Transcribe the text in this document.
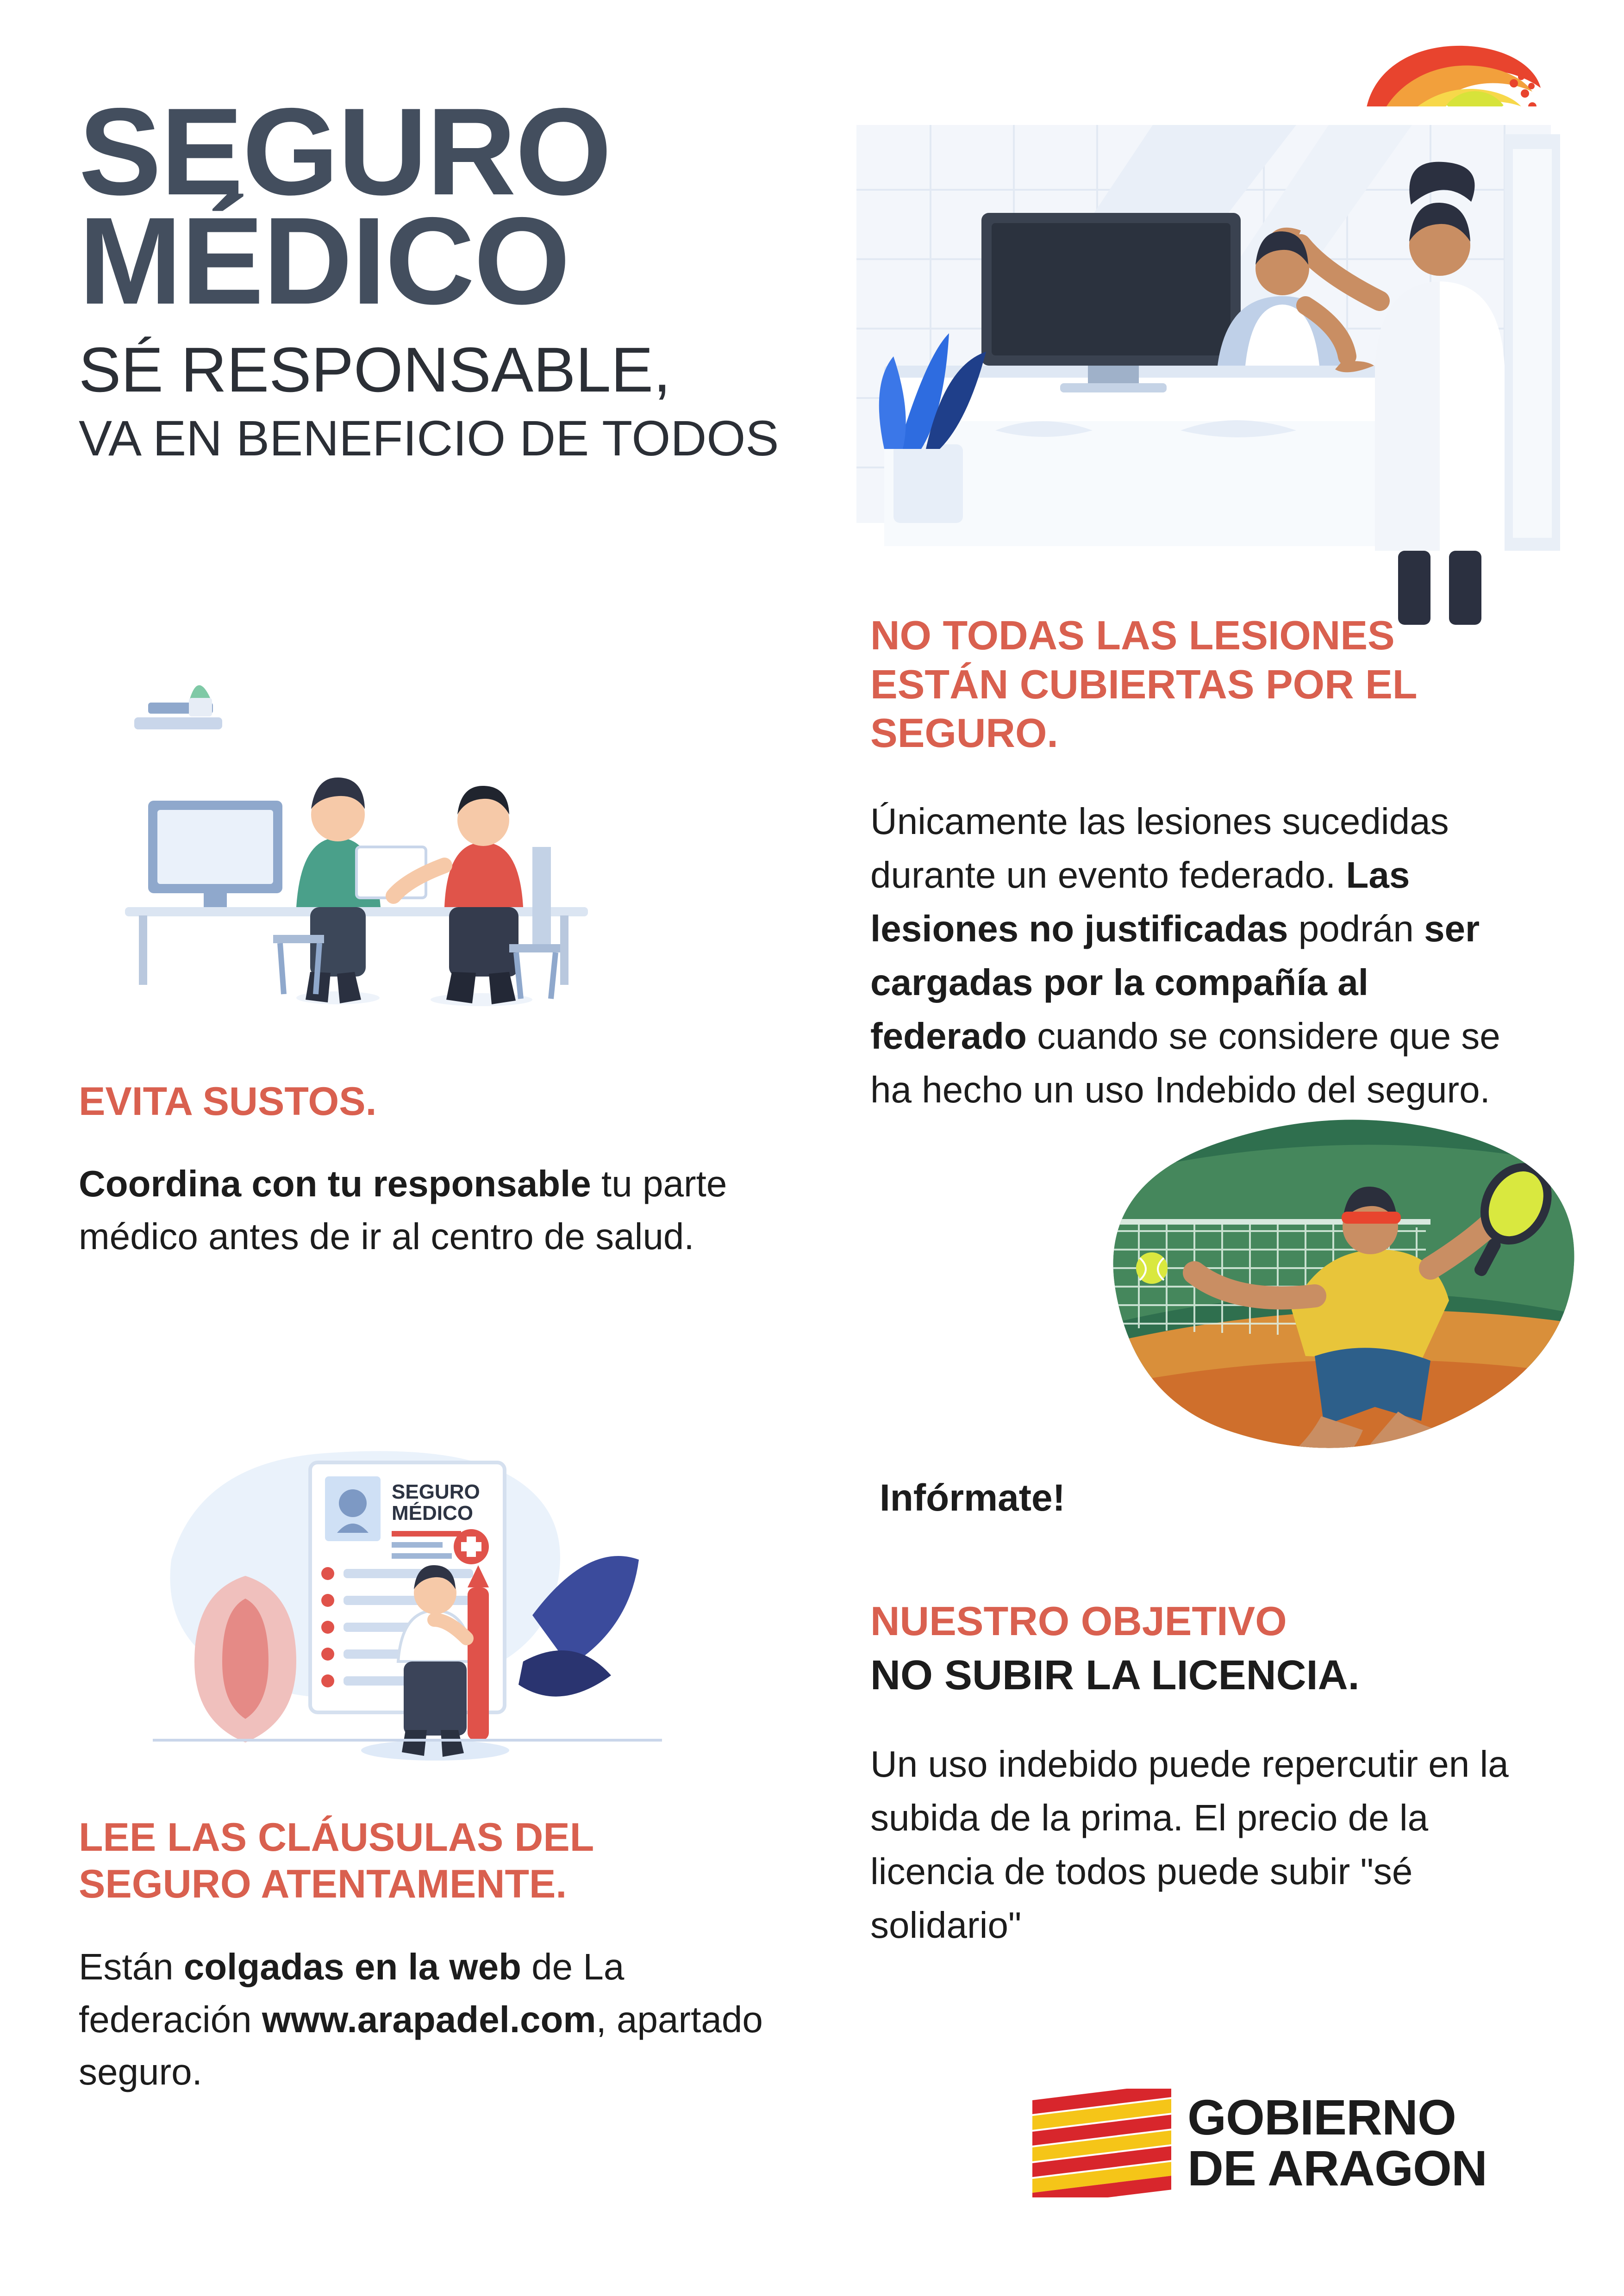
SEGURO
MÉDICO
SÉ RESPONSABLE,
VA EN BENEFICIO DE TODOS
EVITA SUSTOS.

Coordina con tu responsable tu parte médico antes de ir al centro de salud.

SEGURO
MÉDICO
LEE LAS CLÁUSULAS DEL
SEGURO ATENTAMENTE.

Están colgadas en la web de La federación www.arapadel.com, apartado seguro.

NO TODAS LAS LESIONES ESTÁN CUBIERTAS POR EL SEGURO.

Únicamente las lesiones sucedidas durante un evento federado. Las lesiones no justificadas podrán ser cargadas por la compañía al federado cuando se considere que se ha hecho un uso Indebido del seguro.

Infórmate!
NUESTRO OBJETIVO
NO SUBIR LA LICENCIA.

Un uso indebido puede repercutir en la subida de la prima. El precio de la licencia de todos puede subir "sé solidario"

GOBIERNO
DE ARAGON
